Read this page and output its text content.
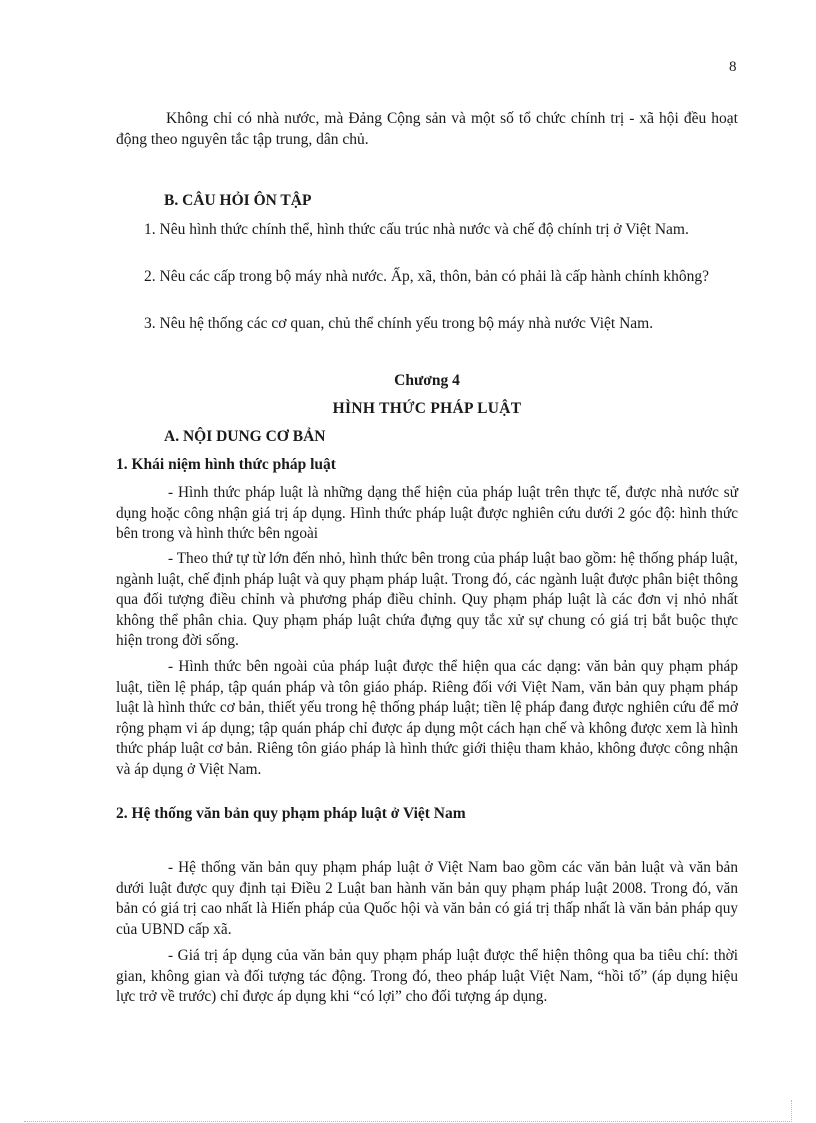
8

Không chỉ có nhà nước, mà Đảng Cộng sản và một số tổ chức chính trị - xã hội đều hoạt động theo nguyên tắc tập trung, dân chủ.

B. CÂU HỎI ÔN TẬP

1. Nêu hình thức chính thể, hình thức cấu trúc nhà nước và chế độ chính trị ở Việt Nam.

2. Nêu các cấp trong bộ máy nhà nước. Ấp, xã, thôn, bản có phải là cấp hành chính không?

3. Nêu hệ thống các cơ quan, chủ thể chính yếu trong bộ máy nhà nước Việt Nam.

Chương 4
HÌNH THỨC PHÁP LUẬT
A. NỘI DUNG CƠ BẢN
1. Khái niệm hình thức pháp luật

- Hình thức pháp luật là những dạng thể hiện của pháp luật trên thực tế, được nhà nước sử dụng hoặc công nhận giá trị áp dụng. Hình thức pháp luật được nghiên cứu dưới 2 góc độ: hình thức bên trong và hình thức bên ngoài

- Theo thứ tự từ lớn đến nhỏ, hình thức bên trong của pháp luật bao gồm: hệ thống pháp luật, ngành luật, chế định pháp luật và quy phạm pháp luật. Trong đó, các ngành luật được phân biệt thông qua đối tượng điều chỉnh và phương pháp điều chỉnh. Quy phạm pháp luật là các đơn vị nhỏ nhất không thể phân chia. Quy phạm pháp luật chứa đựng quy tắc xử sự chung có giá trị bắt buộc thực hiện trong đời sống.

- Hình thức bên ngoài của pháp luật được thể hiện qua các dạng: văn bản quy phạm pháp luật, tiền lệ pháp, tập quán pháp và tôn giáo pháp. Riêng đối với Việt Nam, văn bản quy phạm pháp luật là hình thức cơ bản, thiết yếu trong hệ thống pháp luật; tiền lệ pháp đang được nghiên cứu để mở rộng phạm vi áp dụng; tập quán pháp chỉ được áp dụng một cách hạn chế và không được xem là hình thức pháp luật cơ bản. Riêng tôn giáo pháp là hình thức giới thiệu tham khảo, không được công nhận và áp dụng ở Việt Nam.

2. Hệ thống văn bản quy phạm pháp luật ở Việt Nam

- Hệ thống văn bản quy phạm pháp luật ở Việt Nam bao gồm các văn bản luật và văn bản dưới luật được quy định tại Điều 2 Luật ban hành văn bản quy phạm pháp luật 2008. Trong đó, văn bản có giá trị cao nhất là Hiến pháp của Quốc hội và văn bản có giá trị thấp nhất là văn bản pháp quy của UBND cấp xã.

- Giá trị áp dụng của văn bản quy phạm pháp luật được thể hiện thông qua ba tiêu chí: thời gian, không gian và đối tượng tác động. Trong đó, theo pháp luật Việt Nam, “hồi tố” (áp dụng hiệu lực trở về trước) chỉ được áp dụng khi “có lợi” cho đối tượng áp dụng.
